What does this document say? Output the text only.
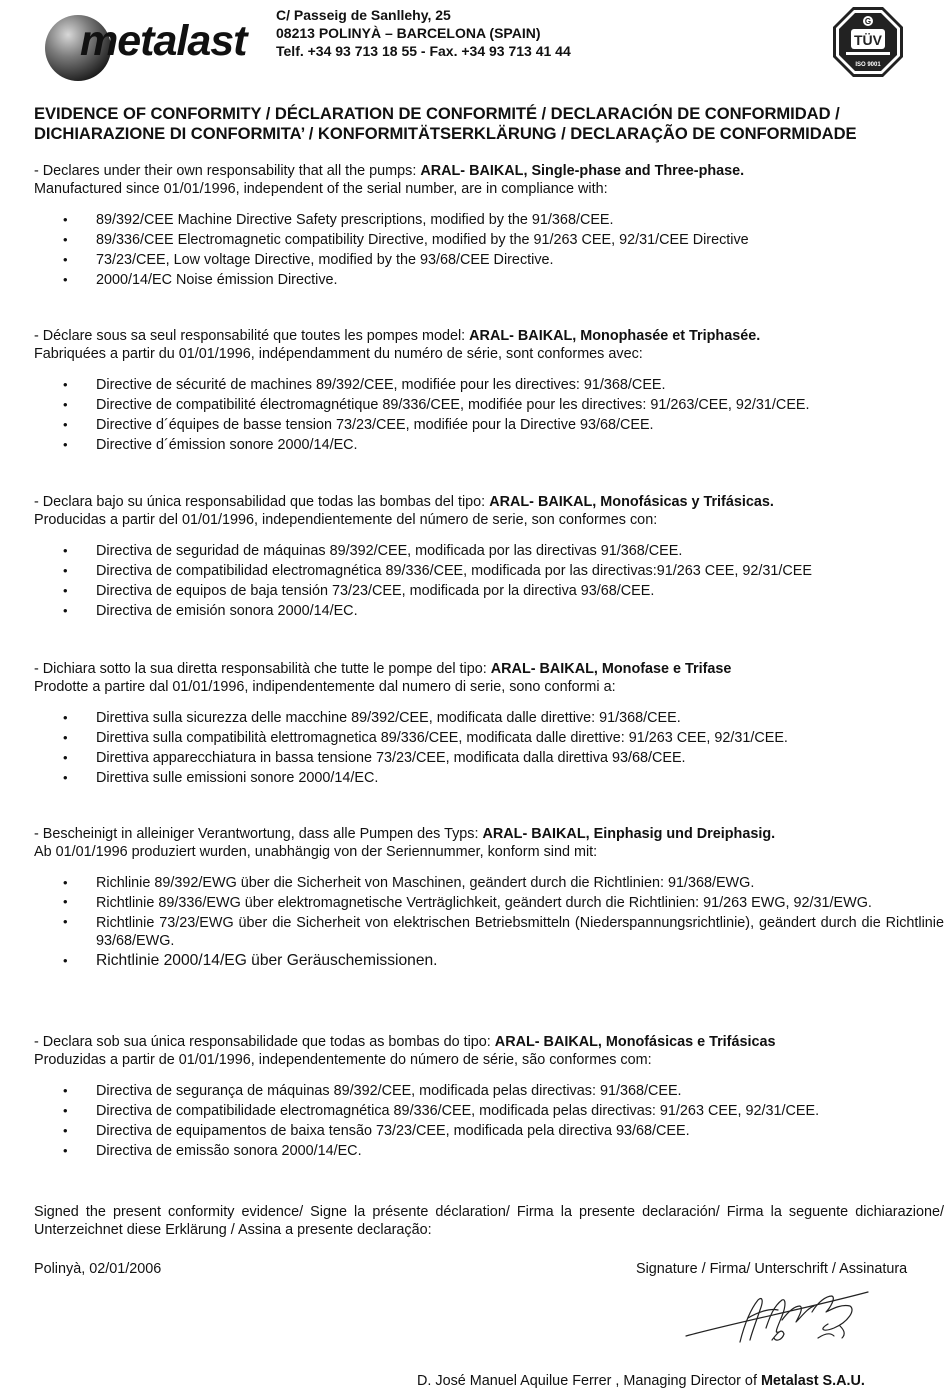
metalast
C/ Passeig de Sanllehy, 25
08213 POLINYÀ – BARCELONA (SPAIN)
Telf. +34 93 713 18 55 - Fax. +34 93 713 41 44
G
TÜV
ISO 9001
EVIDENCE OF CONFORMITY / DÉCLARATION DE CONFORMITÉ / DECLARACIÓN DE CONFORMIDAD /
DICHIARAZIONE DI CONFORMITA’ / KONFORMITÄTSERKLÄRUNG / DECLARAÇÃO DE CONFORMIDADE
- Declares under their own responsability that all the pumps: ARAL- BAIKAL, Single-phase and Three-phase.
Manufactured since 01/01/1996, independent of the serial number, are in compliance with:
• 89/392/CEE Machine Directive Safety prescriptions, modified by the 91/368/CEE.
• 89/336/CEE Electromagnetic compatibility Directive, modified by the 91/263 CEE, 92/31/CEE Directive
• 73/23/CEE, Low voltage Directive, modified by the 93/68/CEE Directive.
• 2000/14/EC Noise émission Directive.
- Déclare sous sa seul responsabilité que toutes les pompes model: ARAL- BAIKAL, Monophasée et Triphasée.
Fabriquées a partir du 01/01/1996, indépendamment du numéro de série, sont conformes avec:
• Directive de sécurité de machines 89/392/CEE, modifiée pour les directives: 91/368/CEE.
• Directive de compatibilité électromagnétique 89/336/CEE, modifiée pour les directives: 91/263/CEE, 92/31/CEE.
• Directive d´équipes de basse tension 73/23/CEE, modifiée pour la Directive 93/68/CEE.
• Directive d´émission sonore 2000/14/EC.
- Declara bajo su única responsabilidad que todas las bombas del tipo: ARAL- BAIKAL, Monofásicas y Trifásicas.
Producidas a partir del 01/01/1996, independientemente del número de serie, son conformes con:
• Directiva de seguridad de máquinas 89/392/CEE, modificada por las directivas 91/368/CEE.
• Directiva de compatibilidad electromagnética 89/336/CEE, modificada por las directivas:91/263 CEE, 92/31/CEE
• Directiva de equipos de baja tensión 73/23/CEE, modificada por la directiva 93/68/CEE.
• Directiva de emisión sonora 2000/14/EC.
- Dichiara sotto la sua diretta responsabilità che tutte le pompe del tipo: ARAL- BAIKAL, Monofase e Trifase
Prodotte a partire dal 01/01/1996, indipendentemente dal numero di serie, sono conformi a:
• Direttiva sulla sicurezza delle macchine 89/392/CEE, modificata dalle direttive: 91/368/CEE.
• Direttiva sulla compatibilità elettromagnetica 89/336/CEE, modificata dalle direttive: 91/263 CEE, 92/31/CEE.
• Direttiva apparecchiatura in bassa tensione 73/23/CEE, modificata dalla direttiva 93/68/CEE.
• Direttiva sulle emissioni sonore 2000/14/EC.
- Bescheinigt in alleiniger Verantwortung, dass alle Pumpen des Typs: ARAL- BAIKAL, Einphasig und Dreiphasig.
Ab 01/01/1996 produziert wurden, unabhängig von der Seriennummer, konform sind mit:
• Richlinie 89/392/EWG über die Sicherheit von Maschinen, geändert durch die Richtlinien: 91/368/EWG.
• Richtlinie 89/336/EWG über elektromagnetische Verträglichkeit, geändert durch die Richtlinien: 91/263 EWG, 92/31/EWG.
• Richtlinie 73/23/EWG über die Sicherheit von elektrischen Betriebsmitteln (Niederspannungsrichtlinie), geändert durch die Richtlinie 93/68/EWG.
• Richtlinie 2000/14/EG über Geräuschemissionen.
- Declara sob sua única responsabilidade que todas as bombas do tipo: ARAL- BAIKAL, Monofásicas e Trifásicas
Produzidas a partir de 01/01/1996, independentemente do número de série, são conformes com:
• Directiva de segurança de máquinas 89/392/CEE, modificada pelas directivas: 91/368/CEE.
• Directiva de compatibilidade electromagnética 89/336/CEE, modificada pelas directivas: 91/263 CEE, 92/31/CEE.
• Directiva de equipamentos de baixa tensão 73/23/CEE, modificada pela directiva 93/68/CEE.
• Directiva de emissão sonora 2000/14/EC.
Signed the present conformity evidence/ Signe la présente déclaration/ Firma la presente declaración/ Firma la seguente dichiarazione/ Unterzeichnet diese Erklärung / Assina a presente declaração:
Polinyà, 02/01/2006	Signature / Firma/ Unterschrift / Assinatura
D. José Manuel Aquilue Ferrer , Managing Director of Metalast S.A.U.
